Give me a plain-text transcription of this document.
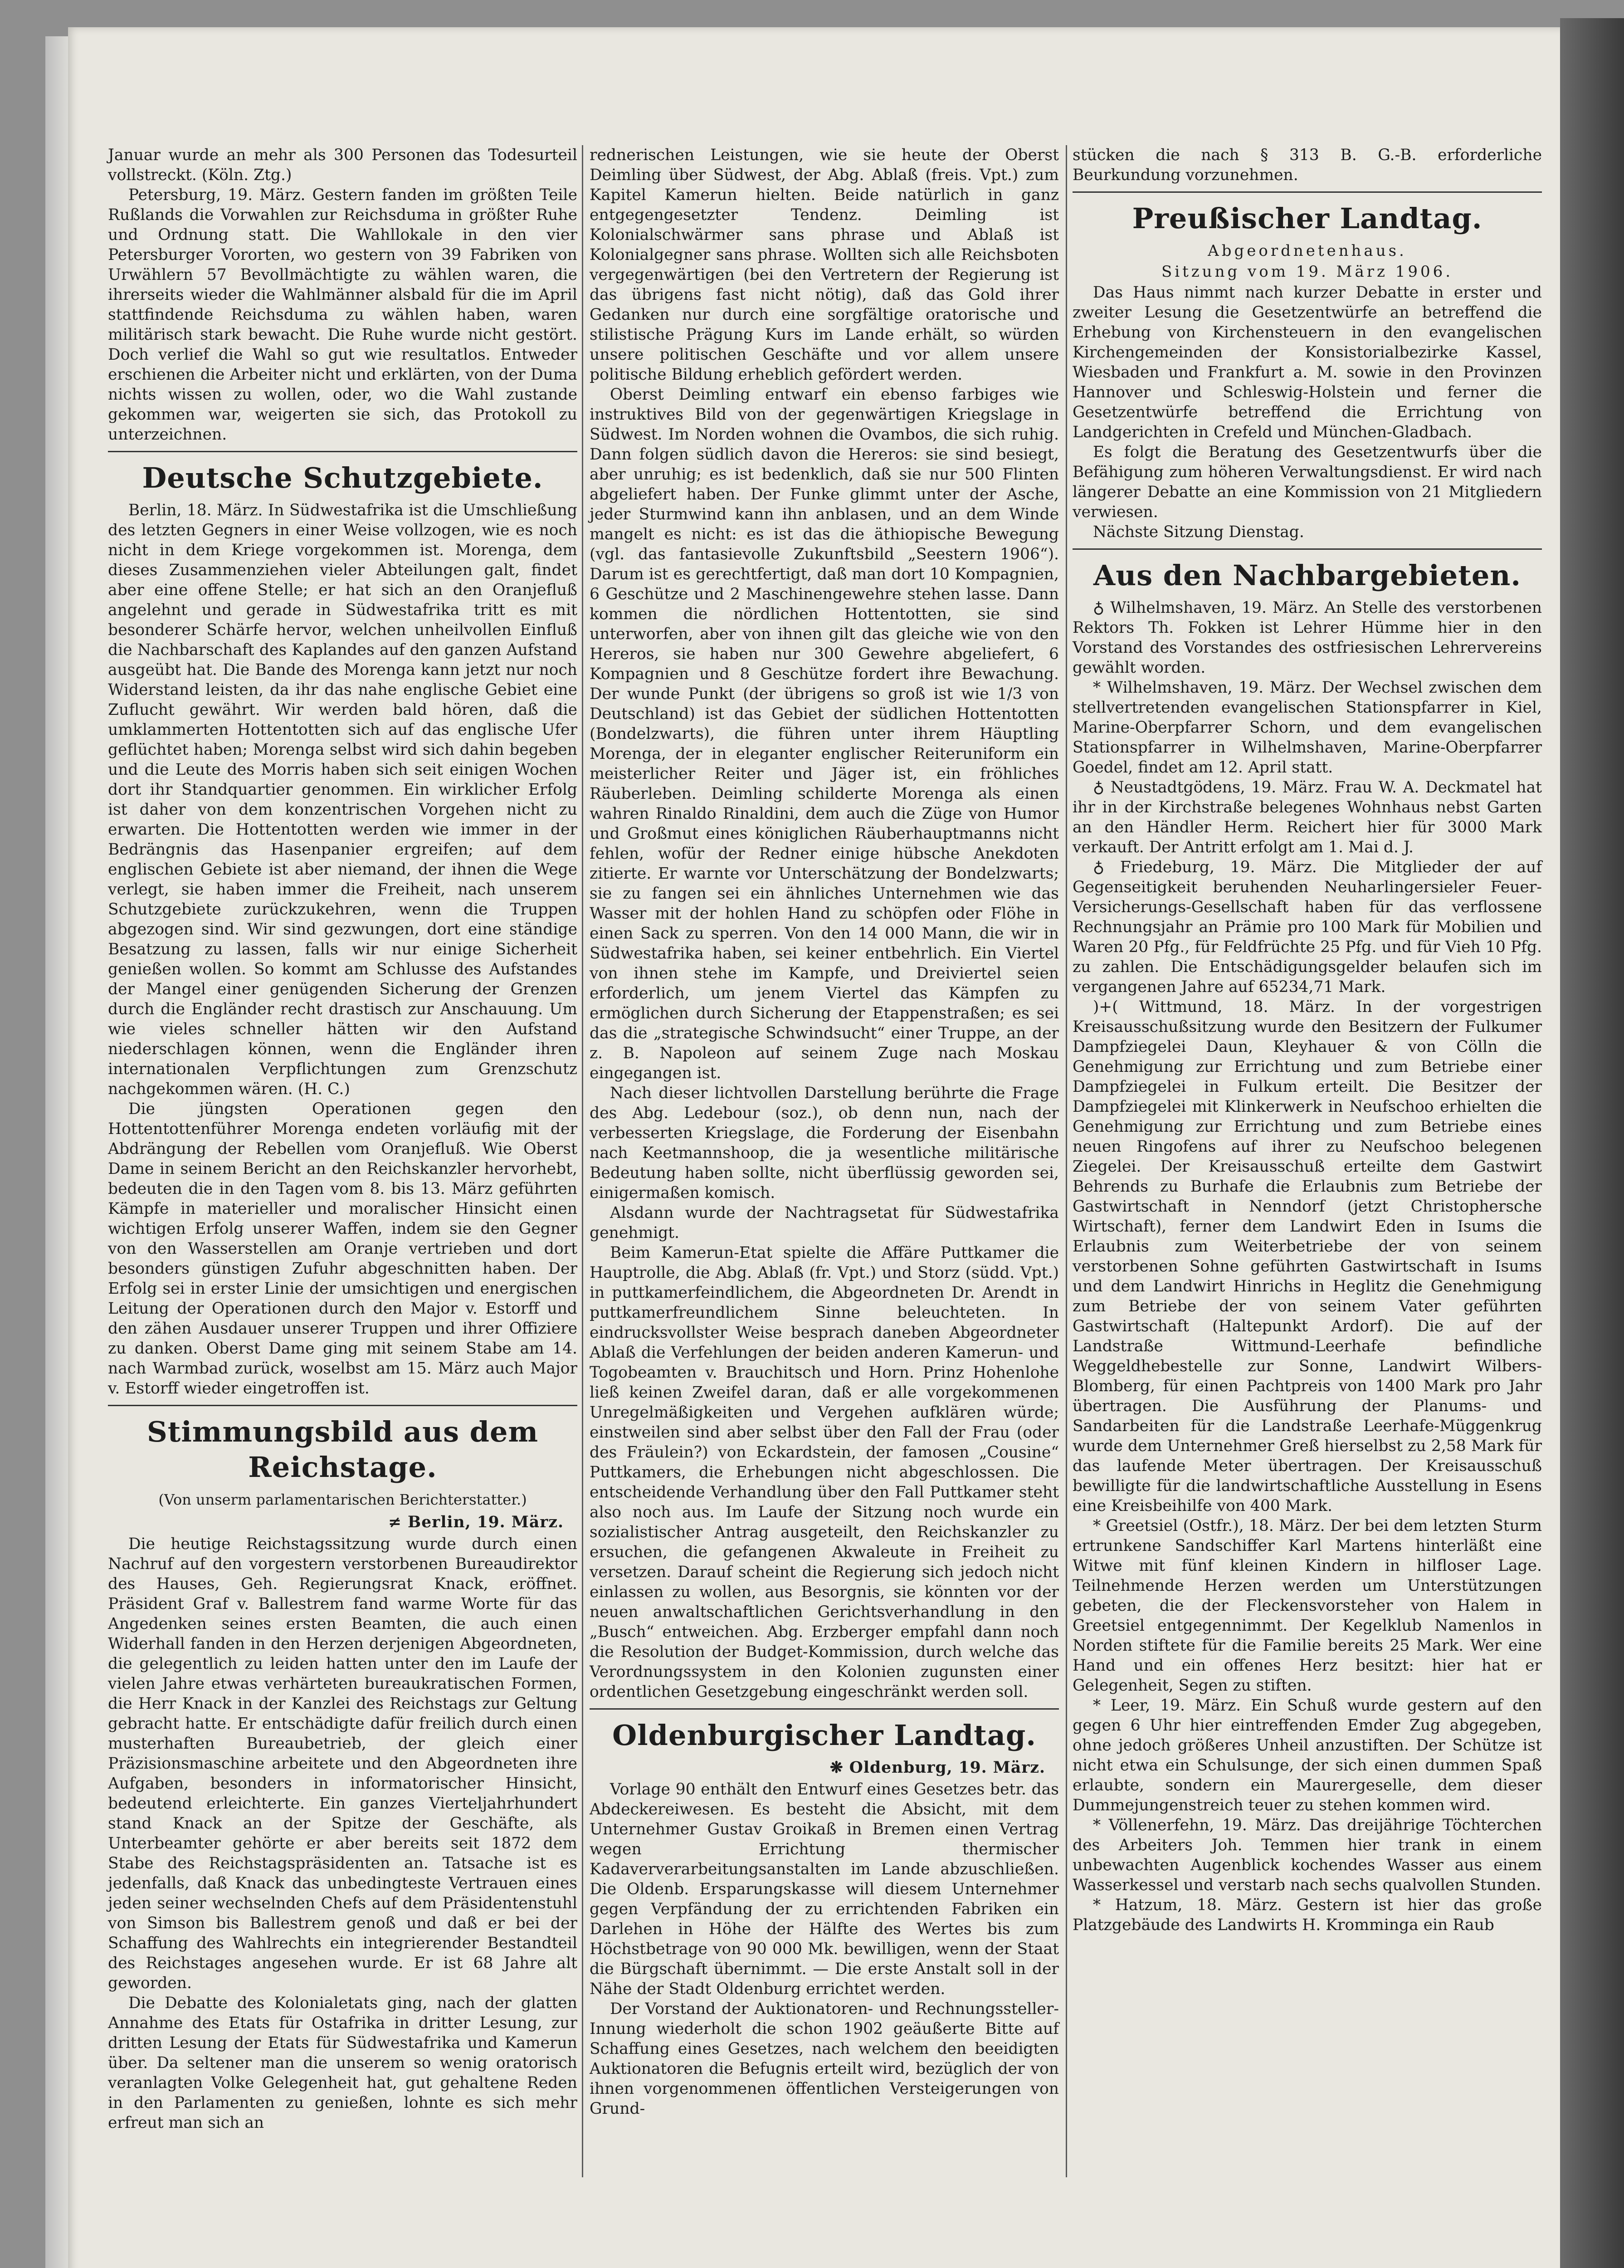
Januar wurde an mehr als 300 Personen das Todesurteil vollstreckt. (Köln. Ztg.)

Petersburg, 19. März. Gestern fanden im größten Teile Rußlands die Vorwahlen zur Reichsduma in größter Ruhe und Ordnung statt. Die Wahllokale in den vier Petersburger Vororten, wo gestern von 39 Fabriken von Urwählern 57 Bevollmächtigte zu wählen waren, die ihrerseits wieder die Wahlmänner alsbald für die im April stattfindende Reichsduma zu wählen haben, waren militärisch stark bewacht. Die Ruhe wurde nicht gestört. Doch verlief die Wahl so gut wie resultatlos. Entweder erschienen die Arbeiter nicht und erklärten, von der Duma nichts wissen zu wollen, oder, wo die Wahl zustande gekommen war, weigerten sie sich, das Protokoll zu unterzeichnen.

Deutsche Schutzgebiete.

Berlin, 18. März. In Südwestafrika ist die Umschließung des letzten Gegners in einer Weise vollzogen, wie es noch nicht in dem Kriege vorgekommen ist. Morenga, dem dieses Zusammenziehen vieler Abteilungen galt, findet aber eine offene Stelle; er hat sich an den Oranjefluß angelehnt und gerade in Südwestafrika tritt es mit besonderer Schärfe hervor, welchen unheilvollen Einfluß die Nachbarschaft des Kaplandes auf den ganzen Aufstand ausgeübt hat. Die Bande des Morenga kann jetzt nur noch Widerstand leisten, da ihr das nahe englische Gebiet eine Zuflucht gewährt. Wir werden bald hören, daß die umklammerten Hottentotten sich auf das englische Ufer geflüchtet haben; Morenga selbst wird sich dahin begeben und die Leute des Morris haben sich seit einigen Wochen dort ihr Standquartier genommen. Ein wirklicher Erfolg ist daher von dem konzentrischen Vorgehen nicht zu erwarten. Die Hottentotten werden wie immer in der Bedrängnis das Hasenpanier ergreifen; auf dem englischen Gebiete ist aber niemand, der ihnen die Wege verlegt, sie haben immer die Freiheit, nach unserem Schutzgebiete zurückzukehren, wenn die Truppen abgezogen sind. Wir sind gezwungen, dort eine ständige Besatzung zu lassen, falls wir nur einige Sicherheit genießen wollen. So kommt am Schlusse des Aufstandes der Mangel einer genügenden Sicherung der Grenzen durch die Engländer recht drastisch zur Anschauung. Um wie vieles schneller hätten wir den Aufstand niederschlagen können, wenn die Engländer ihren internationalen Verpflichtungen zum Grenzschutz nachgekommen wären. (H. C.)

Die jüngsten Operationen gegen den Hottentottenführer Morenga endeten vorläufig mit der Abdrängung der Rebellen vom Oranjefluß. Wie Oberst Dame in seinem Bericht an den Reichskanzler hervorhebt, bedeuten die in den Tagen vom 8. bis 13. März geführten Kämpfe in materieller und moralischer Hinsicht einen wichtigen Erfolg unserer Waffen, indem sie den Gegner von den Wasserstellen am Oranje vertrieben und dort besonders günstigen Zufuhr abgeschnitten haben. Der Erfolg sei in erster Linie der umsichtigen und energischen Leitung der Operationen durch den Major v. Estorff und den zähen Ausdauer unserer Truppen und ihrer Offiziere zu danken. Oberst Dame ging mit seinem Stabe am 14. nach Warmbad zurück, woselbst am 15. März auch Major v. Estorff wieder eingetroffen ist.

Stimmungsbild aus dem Reichstage.
(Von unserm parlamentarischen Berichterstatter.)
≠ Berlin, 19. März.

Die heutige Reichstagssitzung wurde durch einen Nachruf auf den vorgestern verstorbenen Bureaudirektor des Hauses, Geh. Regierungsrat Knack, eröffnet. Präsident Graf v. Ballestrem fand warme Worte für das Angedenken seines ersten Beamten, die auch einen Widerhall fanden in den Herzen derjenigen Abgeordneten, die gelegentlich zu leiden hatten unter den im Laufe der vielen Jahre etwas verhärteten bureaukratischen Formen, die Herr Knack in der Kanzlei des Reichstags zur Geltung gebracht hatte. Er entschädigte dafür freilich durch einen musterhaften Bureaubetrieb, der gleich einer Präzisionsmaschine arbeitete und den Abgeordneten ihre Aufgaben, besonders in informatorischer Hinsicht, bedeutend erleichterte. Ein ganzes Vierteljahrhundert stand Knack an der Spitze der Geschäfte, als Unterbeamter gehörte er aber bereits seit 1872 dem Stabe des Reichstagspräsidenten an. Tatsache ist es jedenfalls, daß Knack das unbedingteste Vertrauen eines jeden seiner wechselnden Chefs auf dem Präsidentenstuhl von Simson bis Ballestrem genoß und daß er bei der Schaffung des Wahlrechts ein integrierender Bestandteil des Reichstages angesehen wurde. Er ist 68 Jahre alt geworden.

Die Debatte des Kolonialetats ging, nach der glatten Annahme des Etats für Ostafrika in dritter Lesung, zur dritten Lesung der Etats für Südwestafrika und Kamerun über. Da seltener man die unserem so wenig oratorisch veranlagten Volke Gelegenheit hat, gut gehaltene Reden in den Parlamenten zu genießen, lohnte es sich mehr erfreut man sich an

rednerischen Leistungen, wie sie heute der Oberst Deimling über Südwest, der Abg. Ablaß (freis. Vpt.) zum Kapitel Kamerun hielten. Beide natürlich in ganz entgegengesetzter Tendenz. Deimling ist Kolonialschwärmer sans phrase und Ablaß ist Kolonialgegner sans phrase. Wollten sich alle Reichsboten vergegenwärtigen (bei den Vertretern der Regierung ist das übrigens fast nicht nötig), daß das Gold ihrer Gedanken nur durch eine sorgfältige oratorische und stilistische Prägung Kurs im Lande erhält, so würden unsere politischen Geschäfte und vor allem unsere politische Bildung erheblich gefördert werden.

Oberst Deimling entwarf ein ebenso farbiges wie instruktives Bild von der gegenwärtigen Kriegslage in Südwest. Im Norden wohnen die Ovambos, die sich ruhig. Dann folgen südlich davon die Hereros: sie sind besiegt, aber unruhig; es ist bedenklich, daß sie nur 500 Flinten abgeliefert haben. Der Funke glimmt unter der Asche, jeder Sturmwind kann ihn anblasen, und an dem Winde mangelt es nicht: es ist das die äthiopische Bewegung (vgl. das fantasievolle Zukunftsbild „Seestern 1906“). Darum ist es gerechtfertigt, daß man dort 10 Kompagnien, 6 Geschütze und 2 Maschinengewehre stehen lasse. Dann kommen die nördlichen Hottentotten, sie sind unterworfen, aber von ihnen gilt das gleiche wie von den Hereros, sie haben nur 300 Gewehre abgeliefert, 6 Kompagnien und 8 Geschütze fordert ihre Bewachung. Der wunde Punkt (der übrigens so groß ist wie 1/3 von Deutschland) ist das Gebiet der südlichen Hottentotten (Bondelzwarts), die führen unter ihrem Häuptling Morenga, der in eleganter englischer Reiteruniform ein meisterlicher Reiter und Jäger ist, ein fröhliches Räuberleben. Deimling schilderte Morenga als einen wahren Rinaldo Rinaldini, dem auch die Züge von Humor und Großmut eines königlichen Räuberhauptmanns nicht fehlen, wofür der Redner einige hübsche Anekdoten zitierte. Er warnte vor Unterschätzung der Bondelzwarts; sie zu fangen sei ein ähnliches Unternehmen wie das Wasser mit der hohlen Hand zu schöpfen oder Flöhe in einen Sack zu sperren. Von den 14 000 Mann, die wir in Südwestafrika haben, sei keiner entbehrlich. Ein Viertel von ihnen stehe im Kampfe, und Dreiviertel seien erforderlich, um jenem Viertel das Kämpfen zu ermöglichen durch Sicherung der Etappenstraßen; es sei das die „strategische Schwindsucht“ einer Truppe, an der z. B. Napoleon auf seinem Zuge nach Moskau eingegangen ist.

Nach dieser lichtvollen Darstellung berührte die Frage des Abg. Ledebour (soz.), ob denn nun, nach der verbesserten Kriegslage, die Forderung der Eisenbahn nach Keetmannshoop, die ja wesentliche militärische Bedeutung haben sollte, nicht überflüssig geworden sei, einigermaßen komisch.

Alsdann wurde der Nachtragsetat für Südwestafrika genehmigt.

Beim Kamerun-Etat spielte die Affäre Puttkamer die Hauptrolle, die Abg. Ablaß (fr. Vpt.) und Storz (südd. Vpt.) in puttkamerfeindlichem, die Abgeordneten Dr. Arendt in puttkamerfreundlichem Sinne beleuchteten. In eindrucksvollster Weise besprach daneben Abgeordneter Ablaß die Verfehlungen der beiden anderen Kamerun- und Togobeamten v. Brauchitsch und Horn. Prinz Hohenlohe ließ keinen Zweifel daran, daß er alle vorgekommenen Unregelmäßigkeiten und Vergehen aufklären würde; einstweilen sind aber selbst über den Fall der Frau (oder des Fräulein?) von Eckardstein, der famosen „Cousine“ Puttkamers, die Erhebungen nicht abgeschlossen. Die entscheidende Verhandlung über den Fall Puttkamer steht also noch aus. Im Laufe der Sitzung noch wurde ein sozialistischer Antrag ausgeteilt, den Reichskanzler zu ersuchen, die gefangenen Akwaleute in Freiheit zu versetzen. Darauf scheint die Regierung sich jedoch nicht einlassen zu wollen, aus Besorgnis, sie könnten vor der neuen anwaltschaftlichen Gerichtsverhandlung in den „Busch“ entweichen. Abg. Erzberger empfahl dann noch die Resolution der Budget-Kommission, durch welche das Verordnungssystem in den Kolonien zugunsten einer ordentlichen Gesetzgebung eingeschränkt werden soll.

Oldenburgischer Landtag.
❋ Oldenburg, 19. März.

Vorlage 90 enthält den Entwurf eines Gesetzes betr. das Abdeckereiwesen. Es besteht die Absicht, mit dem Unternehmer Gustav Groikaß in Bremen einen Vertrag wegen Errichtung thermischer Kadaververarbeitungsanstalten im Lande abzuschließen. Die Oldenb. Ersparungskasse will diesem Unternehmer gegen Verpfändung der zu errichtenden Fabriken ein Darlehen in Höhe der Hälfte des Wertes bis zum Höchstbetrage von 90 000 Mk. bewilligen, wenn der Staat die Bürgschaft übernimmt. — Die erste Anstalt soll in der Nähe der Stadt Oldenburg errichtet werden.

Der Vorstand der Auktionatoren- und Rechnungssteller-Innung wiederholt die schon 1902 geäußerte Bitte auf Schaffung eines Gesetzes, nach welchem den beeidigten Auktionatoren die Befugnis erteilt wird, bezüglich der von ihnen vorgenommenen öffentlichen Versteigerungen von Grund-

stücken die nach § 313 B. G.-B. erforderliche Beurkundung vorzunehmen.

Preußischer Landtag.
Abgeordnetenhaus.
Sitzung vom 19. März 1906.

Das Haus nimmt nach kurzer Debatte in erster und zweiter Lesung die Gesetzentwürfe an betreffend die Erhebung von Kirchensteuern in den evangelischen Kirchengemeinden der Konsistorialbezirke Kassel, Wiesbaden und Frankfurt a. M. sowie in den Provinzen Hannover und Schleswig-Holstein und ferner die Gesetzentwürfe betreffend die Errichtung von Landgerichten in Crefeld und München-Gladbach.

Es folgt die Beratung des Gesetzentwurfs über die Befähigung zum höheren Verwaltungsdienst. Er wird nach längerer Debatte an eine Kommission von 21 Mitgliedern verwiesen.

Nächste Sitzung Dienstag.

Aus den Nachbargebieten.

♁ Wilhelmshaven, 19. März. An Stelle des verstorbenen Rektors Th. Fokken ist Lehrer Hümme hier in den Vorstand des Vorstandes des ostfriesischen Lehrervereins gewählt worden.

* Wilhelmshaven, 19. März. Der Wechsel zwischen dem stellvertretenden evangelischen Stationspfarrer in Kiel, Marine-Oberpfarrer Schorn, und dem evangelischen Stationspfarrer in Wilhelmshaven, Marine-Oberpfarrer Goedel, findet am 12. April statt.

♁ Neustadtgödens, 19. März. Frau W. A. Deckmatel hat ihr in der Kirchstraße belegenes Wohnhaus nebst Garten an den Händler Herm. Reichert hier für 3000 Mark verkauft. Der Antritt erfolgt am 1. Mai d. J.

♁ Friedeburg, 19. März. Die Mitglieder der auf Gegenseitigkeit beruhenden Neuharlingersieler Feuer-Versicherungs-Gesellschaft haben für das verflossene Rechnungsjahr an Prämie pro 100 Mark für Mobilien und Waren 20 Pfg., für Feldfrüchte 25 Pfg. und für Vieh 10 Pfg. zu zahlen. Die Entschädigungsgelder belaufen sich im vergangenen Jahre auf 65234,71 Mark.

)+( Wittmund, 18. März. In der vorgestrigen Kreisausschußsitzung wurde den Besitzern der Fulkumer Dampfziegelei Daun, Kleyhauer & von Cölln die Genehmigung zur Errichtung und zum Betriebe einer Dampfziegelei in Fulkum erteilt. Die Besitzer der Dampfziegelei mit Klinkerwerk in Neufschoo erhielten die Genehmigung zur Errichtung und zum Betriebe eines neuen Ringofens auf ihrer zu Neufschoo belegenen Ziegelei. Der Kreisausschuß erteilte dem Gastwirt Behrends zu Burhafe die Erlaubnis zum Betriebe der Gastwirtschaft in Nenndorf (jetzt Christophersche Wirtschaft), ferner dem Landwirt Eden in Isums die Erlaubnis zum Weiterbetriebe der von seinem verstorbenen Sohne geführten Gastwirtschaft in Isums und dem Landwirt Hinrichs in Heglitz die Genehmigung zum Betriebe der von seinem Vater geführten Gastwirtschaft (Haltepunkt Ardorf). Die auf der Landstraße Wittmund-Leerhafe befindliche Weggeldhebestelle zur Sonne, Landwirt Wilbers-Blomberg, für einen Pachtpreis von 1400 Mark pro Jahr übertragen. Die Ausführung der Planums- und Sandarbeiten für die Landstraße Leerhafe-Müggenkrug wurde dem Unternehmer Greß hierselbst zu 2,58 Mark für das laufende Meter übertragen. Der Kreisausschuß bewilligte für die landwirtschaftliche Ausstellung in Esens eine Kreisbeihilfe von 400 Mark.

* Greetsiel (Ostfr.), 18. März. Der bei dem letzten Sturm ertrunkene Sandschiffer Karl Martens hinterläßt eine Witwe mit fünf kleinen Kindern in hilfloser Lage. Teilnehmende Herzen werden um Unterstützungen gebeten, die der Fleckensvorsteher von Halem in Greetsiel entgegennimmt. Der Kegelklub Namenlos in Norden stiftete für die Familie bereits 25 Mark. Wer eine Hand und ein offenes Herz besitzt: hier hat er Gelegenheit, Segen zu stiften.

* Leer, 19. März. Ein Schuß wurde gestern auf den gegen 6 Uhr hier eintreffenden Emder Zug abgegeben, ohne jedoch größeres Unheil anzustiften. Der Schütze ist nicht etwa ein Schulsunge, der sich einen dummen Spaß erlaubte, sondern ein Maurergeselle, dem dieser Dummejungenstreich teuer zu stehen kommen wird.

* Völlenerfehn, 19. März. Das dreijährige Töchterchen des Arbeiters Joh. Temmen hier trank in einem unbewachten Augenblick kochendes Wasser aus einem Wasserkessel und verstarb nach sechs qualvollen Stunden.

* Hatzum, 18. März. Gestern ist hier das große Platzgebäude des Landwirts H. Kromminga ein Raub
